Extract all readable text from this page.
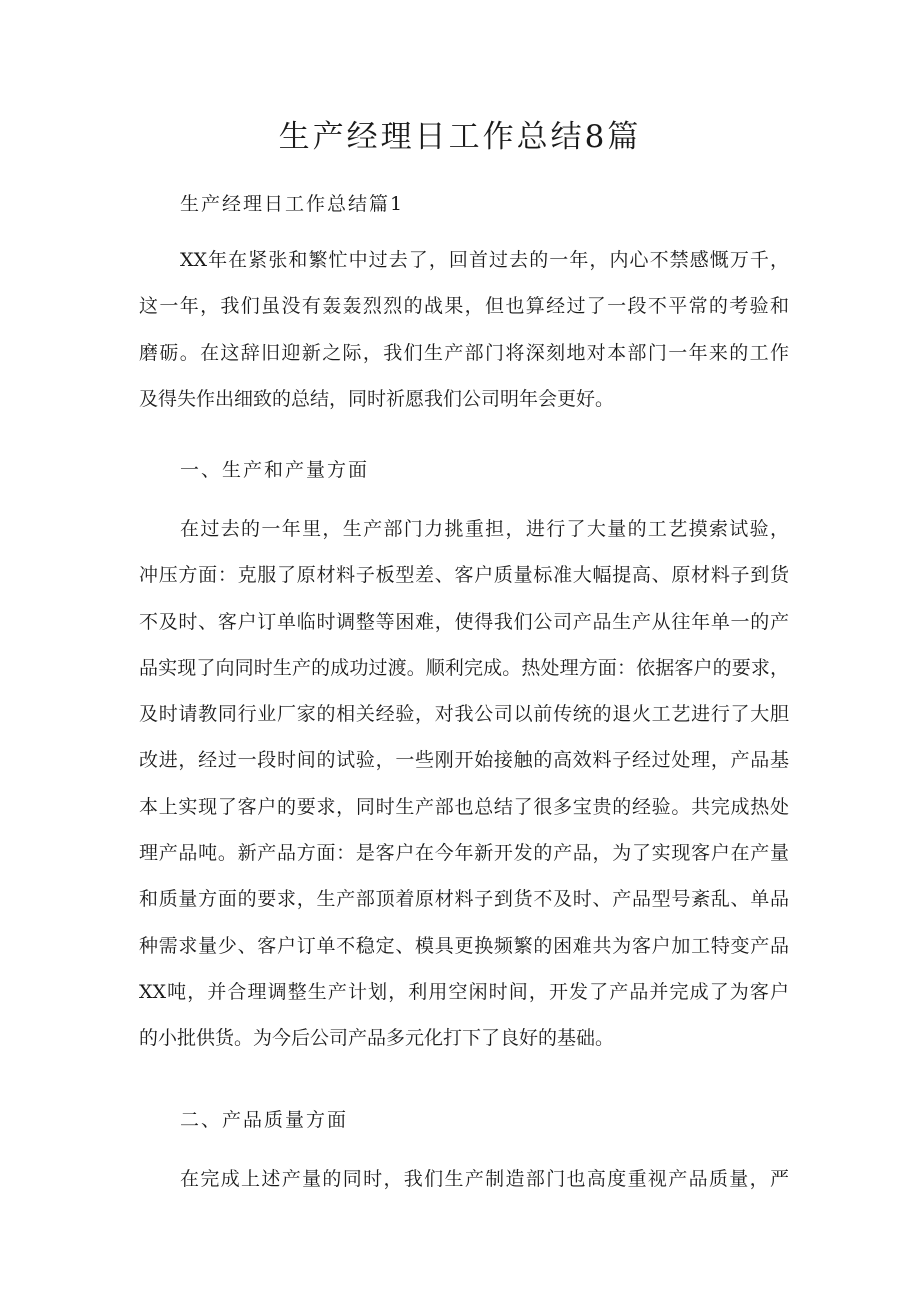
生产经理日工作总结8篇

生产经理日工作总结篇1

XX年在紧张和繁忙中过去了，回首过去的一年，内心不禁感慨万千，
这一年，我们虽没有轰轰烈烈的战果，但也算经过了一段不平常的考验和
磨砺。在这辞旧迎新之际，我们生产部门将深刻地对本部门一年来的工作
及得失作出细致的总结，同时祈愿我们公司明年会更好。

一、生产和产量方面

在过去的一年里，生产部门力挑重担，进行了大量的工艺摸索试验，
冲压方面：克服了原材料子板型差、客户质量标准大幅提高、原材料子到货
不及时、客户订单临时调整等困难，使得我们公司产品生产从往年单一的产
品实现了向同时生产的成功过渡。顺利完成。热处理方面：依据客户的要求，
及时请教同行业厂家的相关经验，对我公司以前传统的退火工艺进行了大胆
改进，经过一段时间的试验，一些刚开始接触的高效料子经过处理，产品基
本上实现了客户的要求，同时生产部也总结了很多宝贵的经验。共完成热处
理产品吨。新产品方面：是客户在今年新开发的产品，为了实现客户在产量
和质量方面的要求，生产部顶着原材料子到货不及时、产品型号紊乱、单品
种需求量少、客户订单不稳定、模具更换频繁的困难共为客户加工特变产品
XX吨，并合理调整生产计划，利用空闲时间，开发了产品并完成了为客户
的小批供货。为今后公司产品多元化打下了良好的基础。

二、产品质量方面

在完成上述产量的同时，我们生产制造部门也高度重视产品质量，严
